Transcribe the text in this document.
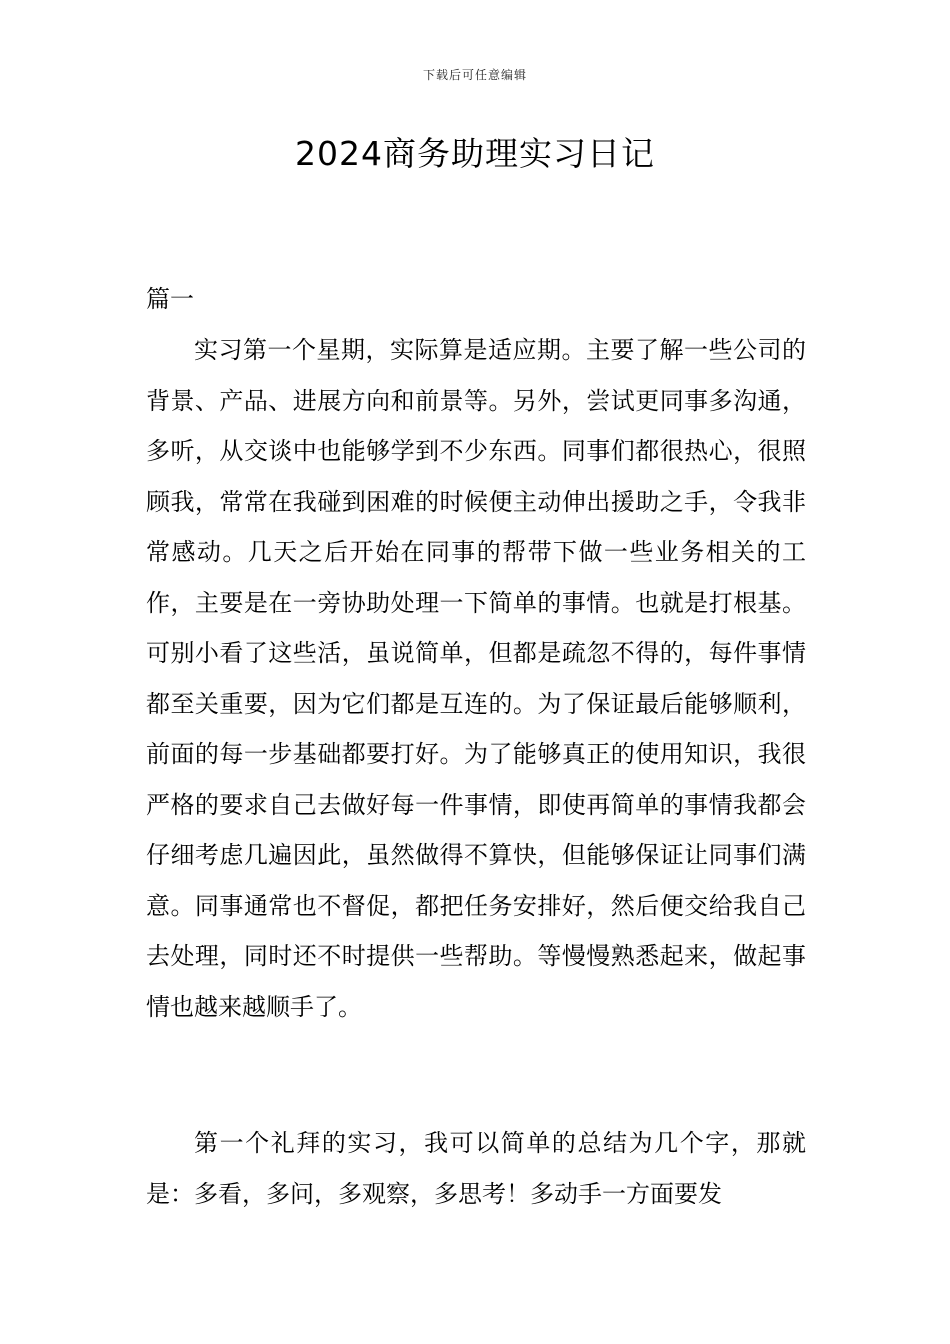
下载后可任意编辑
2024商务助理实习日记
篇一

实习第一个星期，实际算是适应期。主要了解一些公司的背景、产品、进展方向和前景等。另外，尝试更同事多沟通，多听，从交谈中也能够学到不少东西。同事们都很热心，很照顾我，常常在我碰到困难的时候便主动伸出援助之手，令我非常感动。几天之后开始在同事的帮带下做一些业务相关的工作，主要是在一旁协助处理一下简单的事情。也就是打根基。可别小看了这些活，虽说简单，但都是疏忽不得的，每件事情都至关重要，因为它们都是互连的。为了保证最后能够顺利，前面的每一步基础都要打好。为了能够真正的使用知识，我很严格的要求自己去做好每一件事情，即使再简单的事情我都会仔细考虑几遍因此，虽然做得不算快，但能够保证让同事们满意。同事通常也不督促，都把任务安排好，然后便交给我自己去处理，同时还不时提供一些帮助。等慢慢熟悉起来，做起事情也越来越顺手了。

第一个礼拜的实习，我可以简单的总结为几个字，那就是：多看，多问，多观察，多思考！多动手一方面要发
